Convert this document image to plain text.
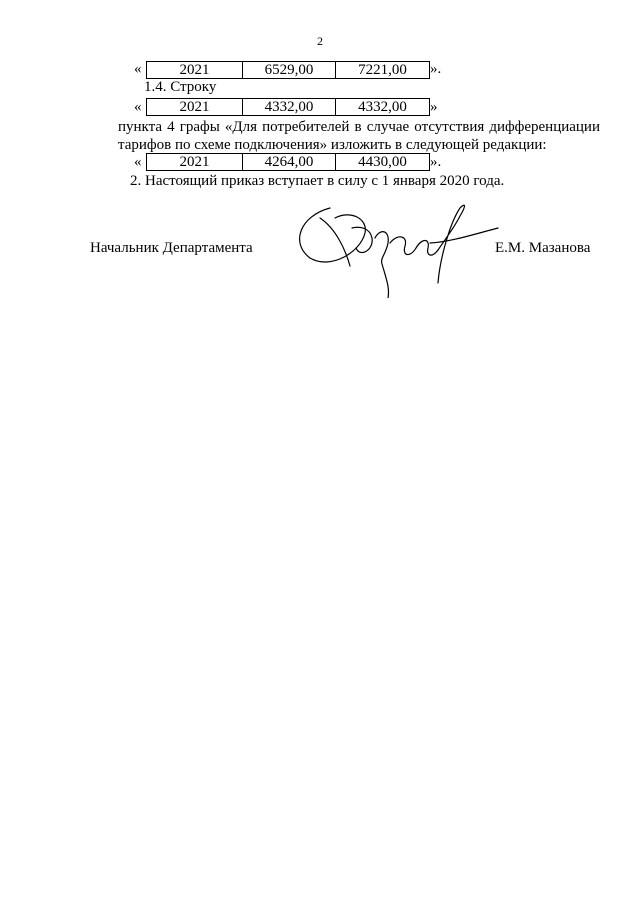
2
«	2021	6529,00	7221,00 ».
1.4. Строку
«	2021	4332,00	4332,00 »
пункта 4 графы «Для потребителей в случае отсутствия дифференциации
тарифов по схеме подключения» изложить в следующей редакции:
«	2021	4264,00	4430,00 ».
2. Настоящий приказ вступает в силу с 1 января 2020 года.
Начальник Департамента	Е.М. Мазанова
